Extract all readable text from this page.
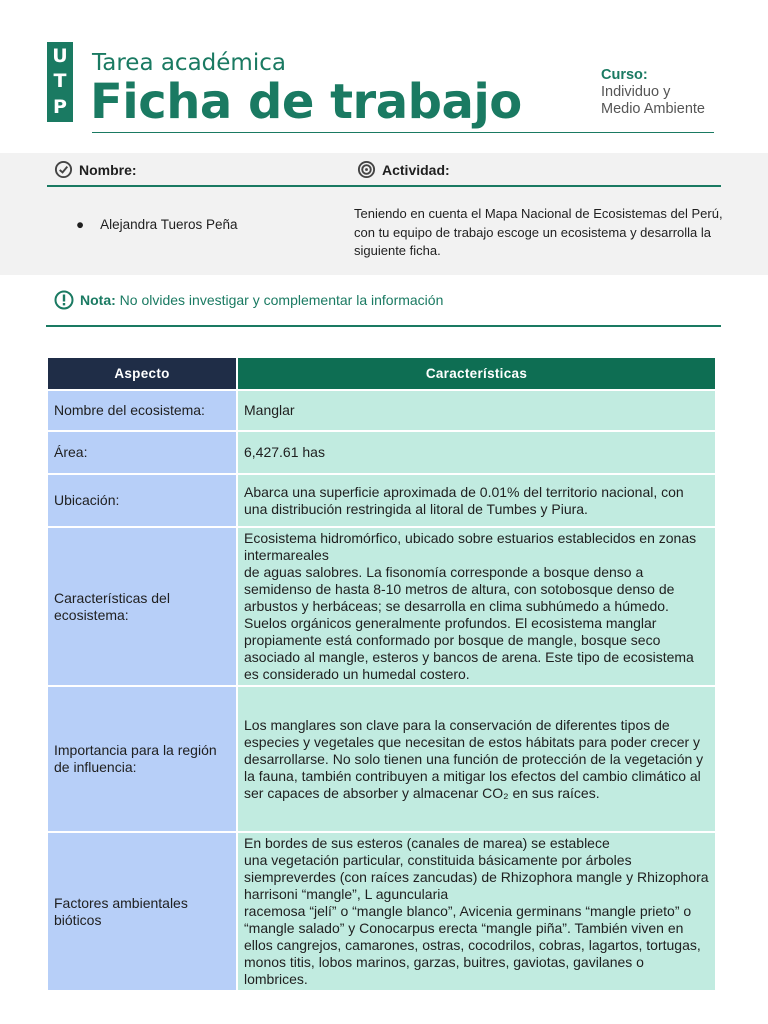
U
T
P
Tarea académica
Ficha de trabajo	Curso:
Individuo y
Medio Ambiente
Nombre:	Actividad:
● Alejandra Tueros Peña
Teniendo en cuenta el Mapa Nacional de Ecosistemas del Perú, con tu equipo de trabajo escoge un ecosistema y desarrolla la siguiente ficha.
Nota: No olvides investigar y complementar la información
Aspecto	Características
Nombre del ecosistema:	Manglar
Área:	6,427.61 has
Ubicación:	Abarca una superficie aproximada de 0.01% del territorio nacional, con una distribución restringida al litoral de Tumbes y Piura.
Características del ecosistema:	Ecosistema hidromórfico, ubicado sobre estuarios establecidos en zonas intermareales
de aguas salobres. La fisonomía corresponde a bosque denso a semidenso de hasta 8-10 metros de altura, con sotobosque denso de arbustos y herbáceas; se desarrolla en clima subhúmedo a húmedo. Suelos orgánicos generalmente profundos. El ecosistema manglar propiamente está conformado por bosque de mangle, bosque seco asociado al mangle, esteros y bancos de arena. Este tipo de ecosistema es considerado un humedal costero.
Importancia para la región de influencia:	Los manglares son clave para la conservación de diferentes tipos de especies y vegetales que necesitan de estos hábitats para poder crecer y desarrollarse. No solo tienen una función de protección de la vegetación y la fauna, también contribuyen a mitigar los efectos del cambio climático al ser capaces de absorber y almacenar CO₂ en sus raíces.
Factores ambientales bióticos	En bordes de sus esteros (canales de marea) se establece
una vegetación particular, constituida básicamente por árboles siempreverdes (con raíces zancudas) de Rhizophora mangle y Rhizophora harrisoni “mangle”, L aguncularia
racemosa “jelí” o “mangle blanco”, Avicenia germinans “mangle prieto” o “mangle salado” y Conocarpus erecta “mangle piña”. También viven en ellos cangrejos, camarones, ostras, cocodrilos, cobras, lagartos, tortugas, monos titis, lobos marinos, garzas, buitres, gaviotas, gavilanes o lombrices.
